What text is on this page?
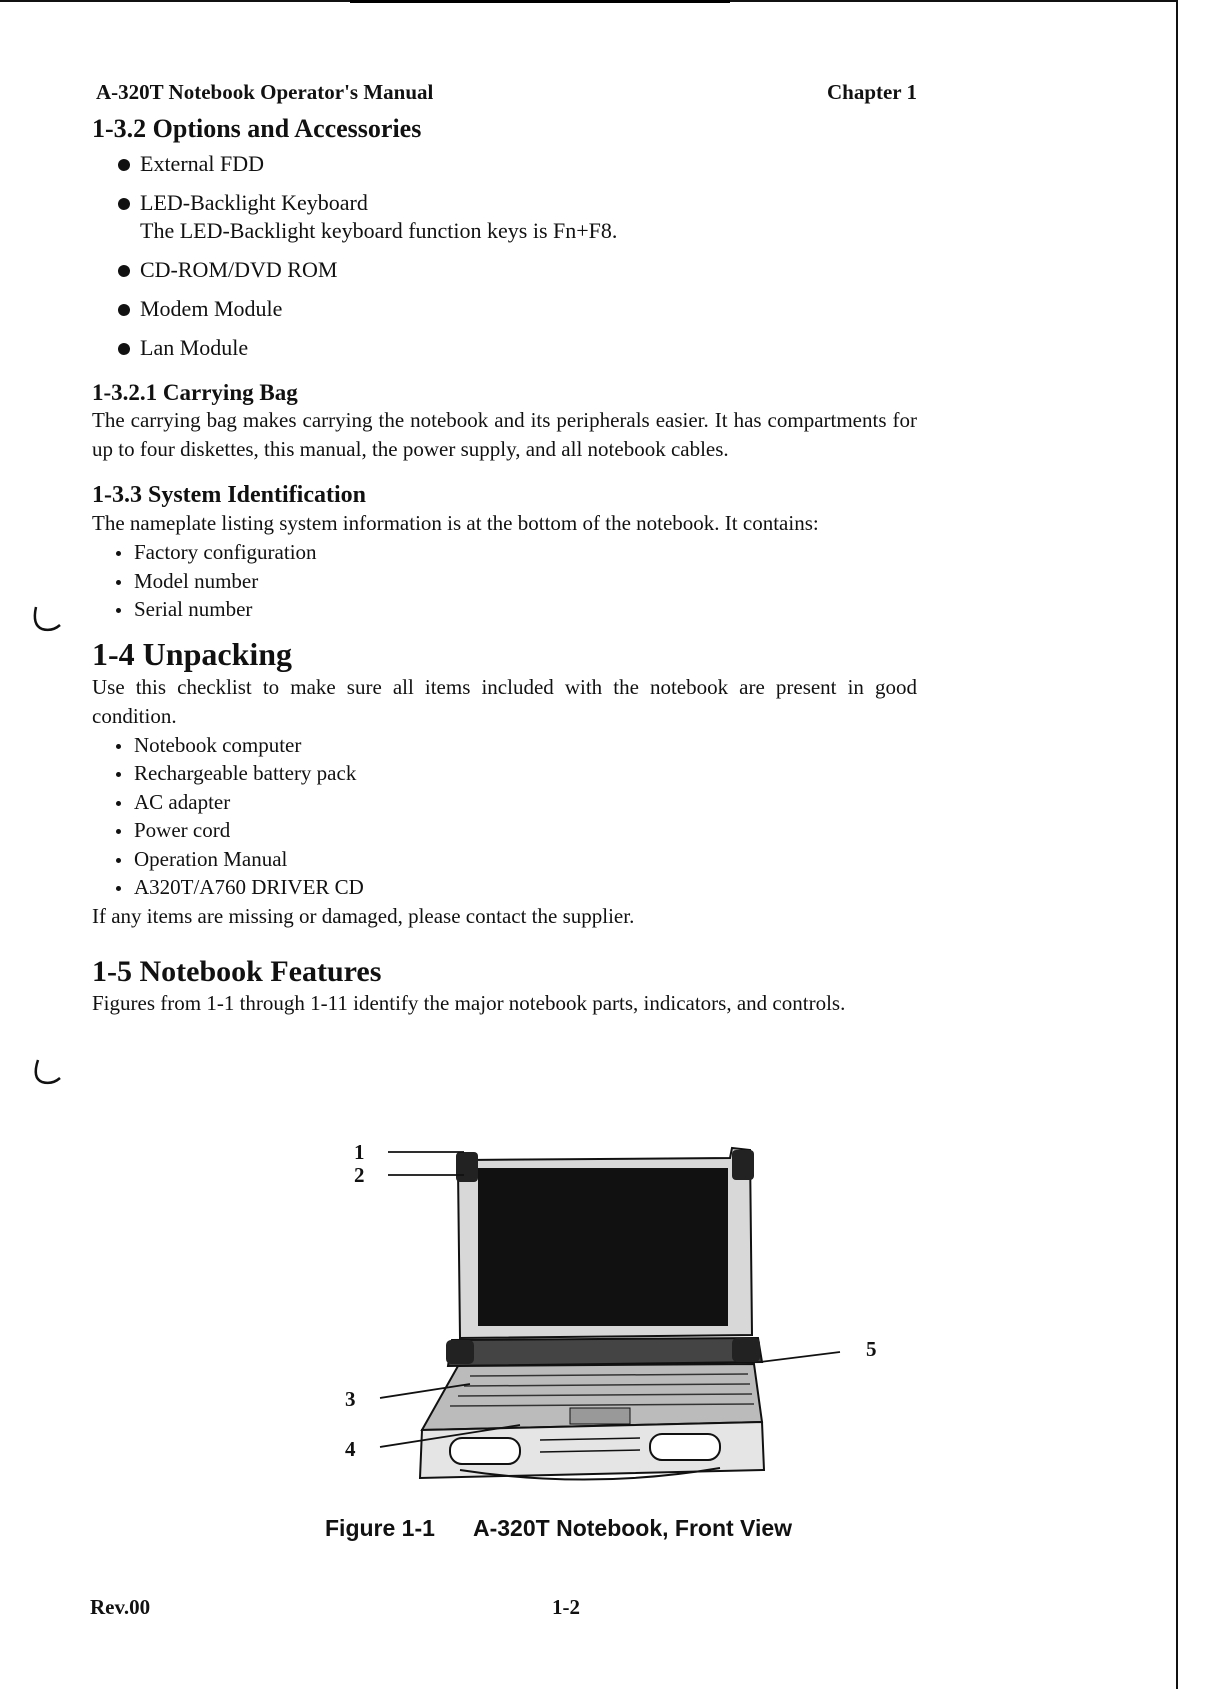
A-320T Notebook Operator's Manual	Chapter 1
1-3.2 Options and Accessories
External FDD
LED-Backlight Keyboard
The LED-Backlight keyboard function keys is Fn+F8.
CD-ROM/DVD ROM
Modem Module
Lan Module
1-3.2.1 Carrying Bag

The carrying bag makes carrying the notebook and its peripherals easier. It has compartments for up to four diskettes, this manual, the power supply, and all notebook cables.

1-3.3 System Identification

The nameplate listing system information is at the bottom of the notebook. It contains:

Factory configuration
Model number
Serial number
1-4 Unpacking

Use this checklist to make sure all items included with the notebook are present in good condition.

Notebook computer
Rechargeable battery pack
AC adapter
Power cord
Operation Manual
A320T/A760 DRIVER CD

If any items are missing or damaged, please contact the supplier.

1-5 Notebook Features

Figures from 1-1 through 1-11 identify the major notebook parts, indicators, and controls.

1
2
3
4
5
Figure 1-1 A-320T Notebook, Front View
Rev.00	1-2
